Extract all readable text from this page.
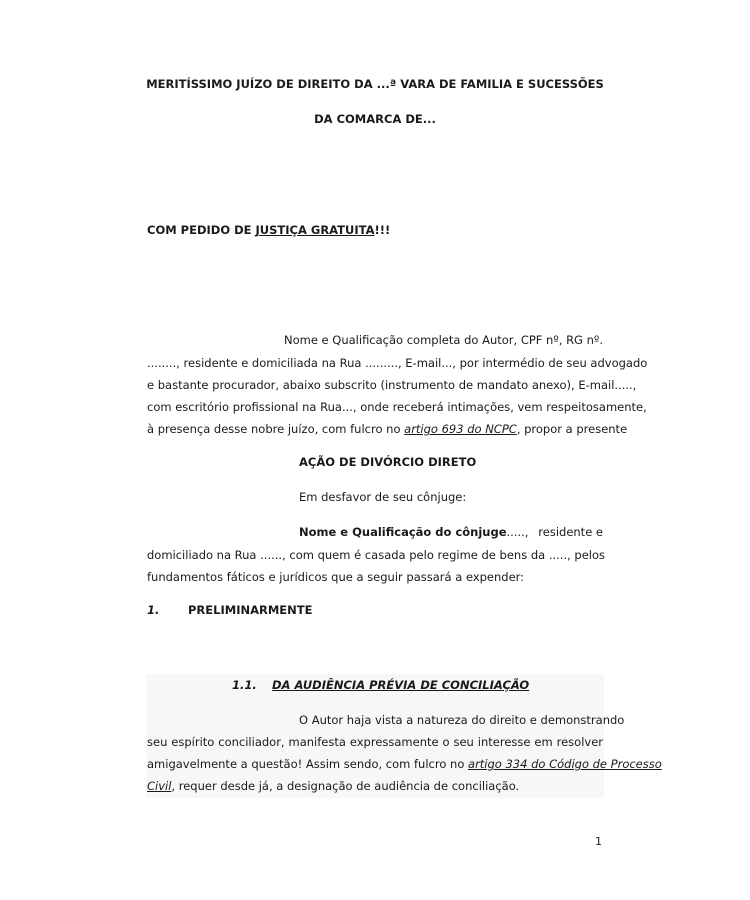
MERITÍSSIMO JUÍZO DE DIREITO DA ...ª VARA DE FAMILIA E SUCESSÕES
DA COMARCA DE...
COM PEDIDO DE JUSTIÇA GRATUITA!!!
Nome e Qualificação completa do Autor, CPF nº, RG nº.
........, residente e domiciliada na Rua ........., E-mail..., por intermédio de seu advogado
e bastante procurador, abaixo subscrito (instrumento de mandato anexo), E-mail.....,
com escritório profissional na Rua..., onde receberá intimações, vem respeitosamente,
à presença desse nobre juízo, com fulcro no artigo 693 do NCPC, propor a presente
AÇÃO DE DIVÓRCIO DIRETO
Em desfavor de seu cônjuge:
Nome e Qualificação do cônjuge....., residente e
domiciliado na Rua ......, com quem é casada pelo regime de bens da ....., pelos
fundamentos fáticos e jurídicos que a seguir passará a expender:
1. PRELIMINARMENTE
1.1. DA AUDIÊNCIA PRÉVIA DE CONCILIAÇÃO
O Autor haja vista a natureza do direito e demonstrando
seu espírito conciliador, manifesta expressamente o seu interesse em resolver
amigavelmente a questão! Assim sendo, com fulcro no artigo 334 do Código de Processo
Civil, requer desde já, a designação de audiência de conciliação.
1
